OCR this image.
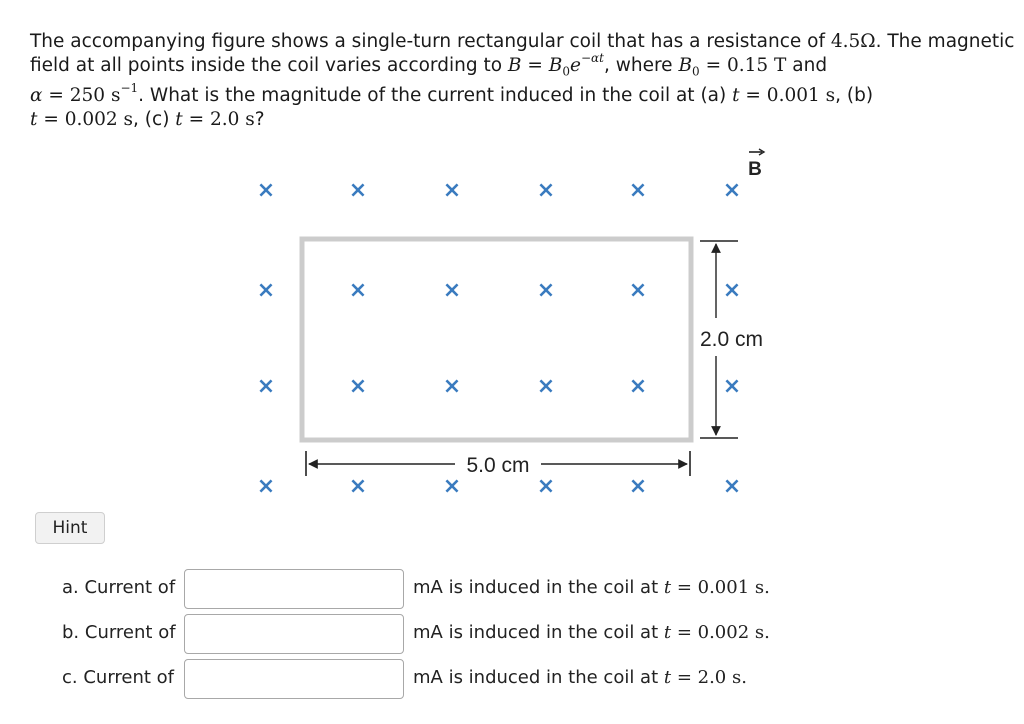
The accompanying figure shows a single-turn rectangular coil that has a resistance of 4.5Ω. The magnetic
field at all points inside the coil varies according to $B = B_0e^{-\alpha t}$, where $B_0 = 0.15$ T and
α = 250 $s^{-1}$. What is the magnitude of the current induced in the coil at (a) t = 0.001 s, (b)
t = 0.002 s, (c) t = 2.0 s?
×	×	×	×	×	×
×	×	×	×	×	×
×	×	×	×	×	×
×	×	×	×	×	×
B
2.0 cm
5.0 cm
Hint
a. Current of	mA is induced in the coil at t = 0.001 s.
b. Current of	mA is induced in the coil at t = 0.002 s.
c. Current of	mA is induced in the coil at t = 2.0 s.
